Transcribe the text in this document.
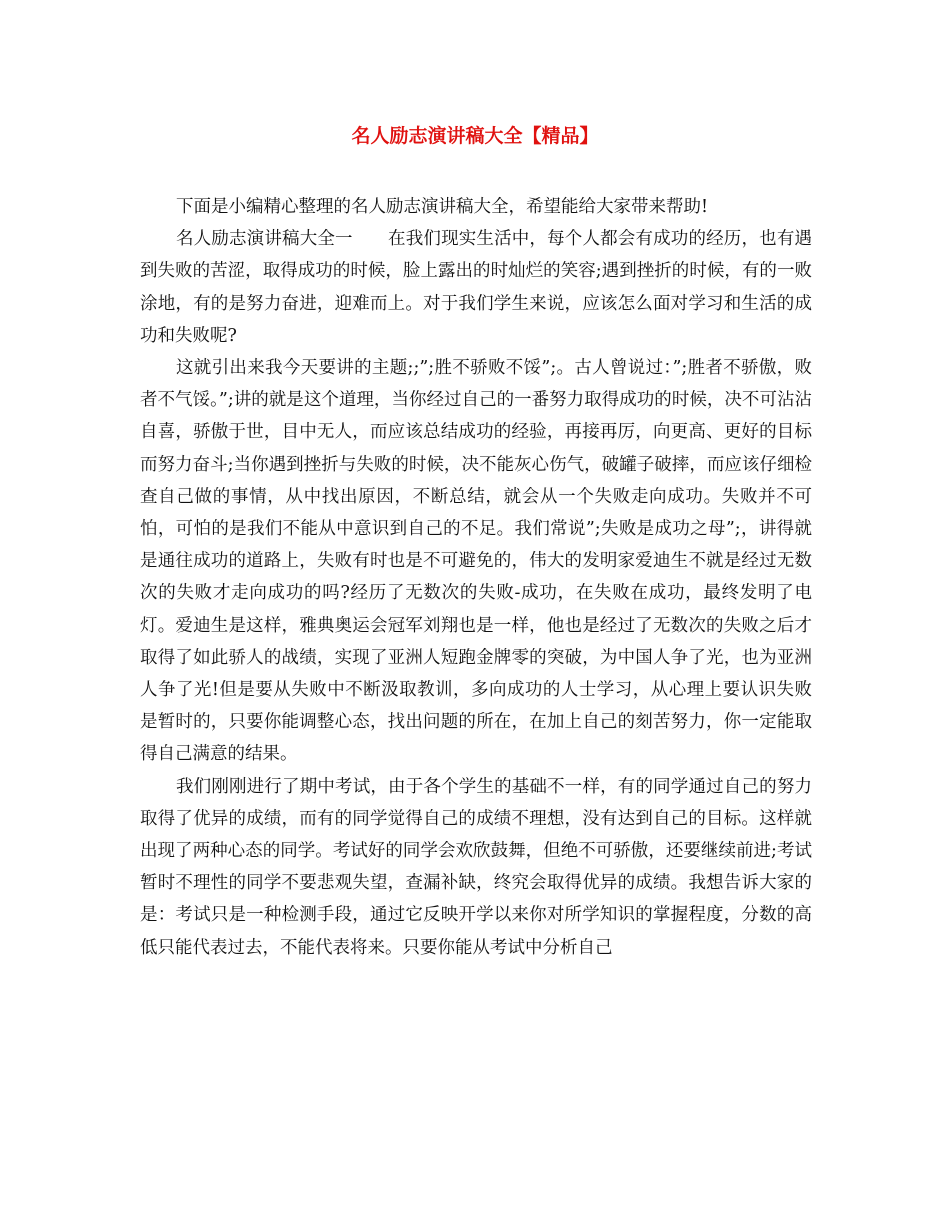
名人励志演讲稿大全【精品】

下面是小编精心整理的名人励志演讲稿大全，希望能给大家带来帮助!

名人励志演讲稿大全一　　在我们现实生活中，每个人都会有成功的经历，也有遇到失败的苦涩，取得成功的时候，脸上露出的时灿烂的笑容;遇到挫折的时候，有的一败涂地，有的是努力奋进，迎难而上。对于我们学生来说，应该怎么面对学习和生活的成功和失败呢?

这就引出来我今天要讲的主题;;”;胜不骄败不馁”;。古人曾说过：”;胜者不骄傲，败者不气馁。”;讲的就是这个道理，当你经过自己的一番努力取得成功的时候，决不可沾沾自喜，骄傲于世，目中无人，而应该总结成功的经验，再接再厉，向更高、更好的目标而努力奋斗;当你遇到挫折与失败的时候，决不能灰心伤气，破罐子破摔，而应该仔细检查自己做的事情，从中找出原因，不断总结，就会从一个失败走向成功。失败并不可怕，可怕的是我们不能从中意识到自己的不足。我们常说”;失败是成功之母”;，讲得就是通往成功的道路上，失败有时也是不可避免的，伟大的发明家爱迪生不就是经过无数次的失败才走向成功的吗?经历了无数次的失败-成功，在失败在成功，最终发明了电灯。爱迪生是这样，雅典奥运会冠军刘翔也是一样，他也是经过了无数次的失败之后才取得了如此骄人的战绩，实现了亚洲人短跑金牌零的突破，为中国人争了光，也为亚洲人争了光!但是要从失败中不断汲取教训，多向成功的人士学习，从心理上要认识失败是暂时的，只要你能调整心态，找出问题的所在，在加上自己的刻苦努力，你一定能取得自己满意的结果。

我们刚刚进行了期中考试，由于各个学生的基础不一样，有的同学通过自己的努力取得了优异的成绩，而有的同学觉得自己的成绩不理想，没有达到自己的目标。这样就出现了两种心态的同学。考试好的同学会欢欣鼓舞，但绝不可骄傲，还要继续前进;考试暂时不理性的同学不要悲观失望，查漏补缺，终究会取得优异的成绩。我想告诉大家的是：考试只是一种检测手段，通过它反映开学以来你对所学知识的掌握程度，分数的高低只能代表过去，不能代表将来。只要你能从考试中分析自己
